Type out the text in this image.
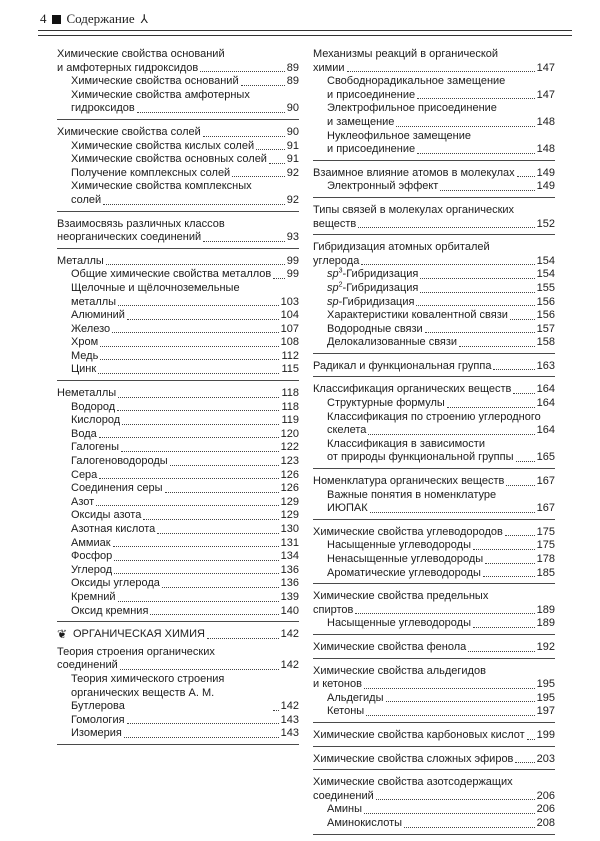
4 Содержание ⅄
Химические свойства оснований
и амфотерных гидроксидов	89
Химические свойства оснований	89
Химические свойства амфотерных
гидроксидов	90
Химические свойства солей	90
Химические свойства кислых солей	91
Химические свойства основных солей 91
Получение комплексных солей	92
Химические свойства комплексных
солей	92
Взаимосвязь различных классов
неорганических соединений	93
Металлы	99
Общие химические свойства металлов 99
Щелочные и щёлочноземельные
металлы	103
Алюминий	104
Железо	107
Хром	108
Медь	112
Цинк	115
Неметаллы	118
Водород	118
Кислород	119
Вода	120
Галогены	122
Галогеноводороды	123
Сера	126
Соединения серы	126
Азот	129
Оксиды азота	129
Азотная кислота	130
Аммиак	131
Фосфор	134
Углерод	136
Оксиды углерода	136
Кремний	139
Оксид кремния	140
❦ ОРГАНИЧЕСКАЯ ХИМИЯ	142
Теория строения органических
соединений	142
Теория химического строения
органических веществ А. М. Бутлерова	142
Гомология	143
Изомерия	143
Механизмы реакций в органической
химии	147
Свободнорадикальное замещение
и присоединение	147
Электрофильное присоединение
и замещение	148
Нуклеофильное замещение
и присоединение	148
Взаимное влияние атомов в молекулах 149
Электронный эффект	149
Типы связей в молекулах органических
веществ	152
Гибридизация атомных орбиталей
углерода	154
$sp^3$-Гибридизация	154
$sp^2$-Гибридизация	155
sp-Гибридизация	156
Характеристики ковалентной связи	156
Водородные связи	157
Делокализованные связи	158
Радикал и функциональная группа	163
Классификация органических веществ 164
Структурные формулы	164
Классификация по строению углеродного
скелета	164
Классификация в зависимости
от природы функциональной группы 165
Номенклатура органических веществ	167
Важные понятия в номенклатуре
ИЮПАК	167
Химические свойства углеводородов	175
Насыщенные углеводороды	175
Ненасыщенные углеводороды	178
Ароматические углеводороды	185
Химические свойства предельных
спиртов	189
Насыщенные углеводороды	189
Химические свойства фенола	192
Химические свойства альдегидов
и кетонов	195
Альдегиды	195
Кетоны	197
Химические свойства карбоновых кислот 199
Химические свойства сложных эфиров 203
Химические свойства азотсодержащих
соединений	206
Амины	206
Аминокислоты	208
